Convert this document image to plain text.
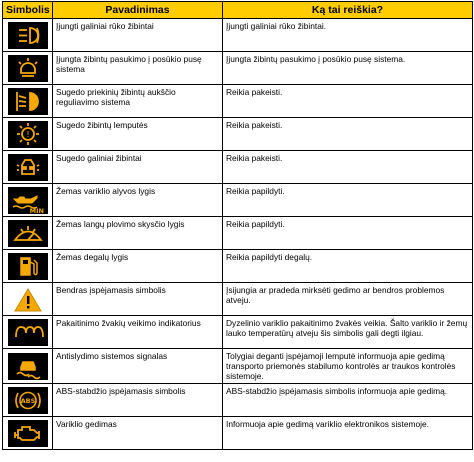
Simbolis	Pavadinimas	Ką tai reiškia?

	Įjungti galiniai rūko žibintai	Įjungti galiniai rūko žibintai.

	Įjungta žibintų pasukimo į posūkio pusę sistema	Įjungta žibintų pasukimo į posūkio pusę sistema.

	Sugedo priekinių žibintų aukščio reguliavimo sistema	Reikia pakeisti.

!	Sugedo žibintų lemputės	Reikia pakeisti.

	Sugedo galiniai žibintai	Reikia pakeisti.

MIN	Žemas variklio alyvos lygis	Reikia papildyti.

	Žemas langų plovimo skysčio lygis	Reikia papildyti.

	Žemas degalų lygis	Reikia papildyti degalų.

	Bendras įspėjamasis simbolis	Įsijungia ar pradeda mirksėti gedimo ar bendros problemos atveju.

	Pakaitinimo žvakių veikimo indikatorius	Dyzelinio variklio pakaitinimo žvakės veikia. Šalto variklio ir žemų lauko temperatūrų atveju šis simbolis gali degti ilgiau.

	Antislydimo sistemos signalas	Tolygiai deganti įspėjamoji lemputė informuoja apie gedimą transporto priemonės stabilumo kontrolės ar traukos kontrolės sistemoje.

ABS	ABS-stabdžio įspėjamasis simbolis	ABS-stabdžio įspėjamasis simbolis informuoja apie gedimą.

	Variklio gedimas	Informuoja apie gedimą variklio elektronikos sistemoje.
